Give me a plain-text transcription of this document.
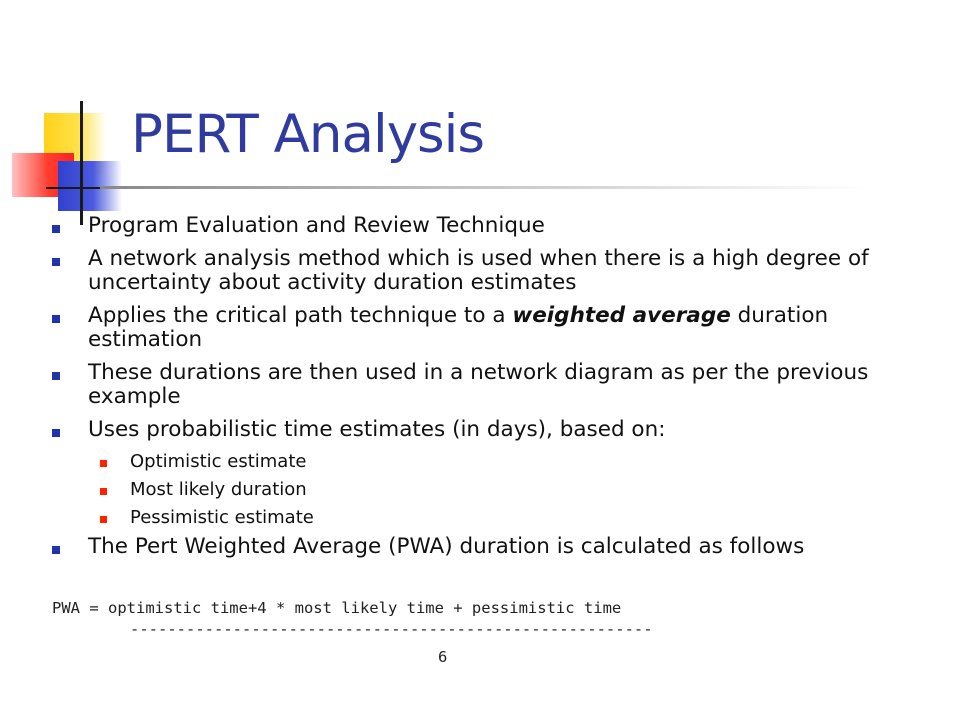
PERT Analysis
Program Evaluation and Review Technique
A network analysis method which is used when there is a high degree of uncertainty about activity duration estimates
Applies the critical path technique to a weighted average duration estimation
These durations are then used in a network diagram as per the previous example
Uses probabilistic time estimates (in days), based on:
Optimistic estimate
Most likely duration
Pessimistic estimate
The Pert Weighted Average (PWA) duration is calculated as follows
PWA = optimistic time+4 * most likely time + pessimistic time
--------------------------------------------------------
6
